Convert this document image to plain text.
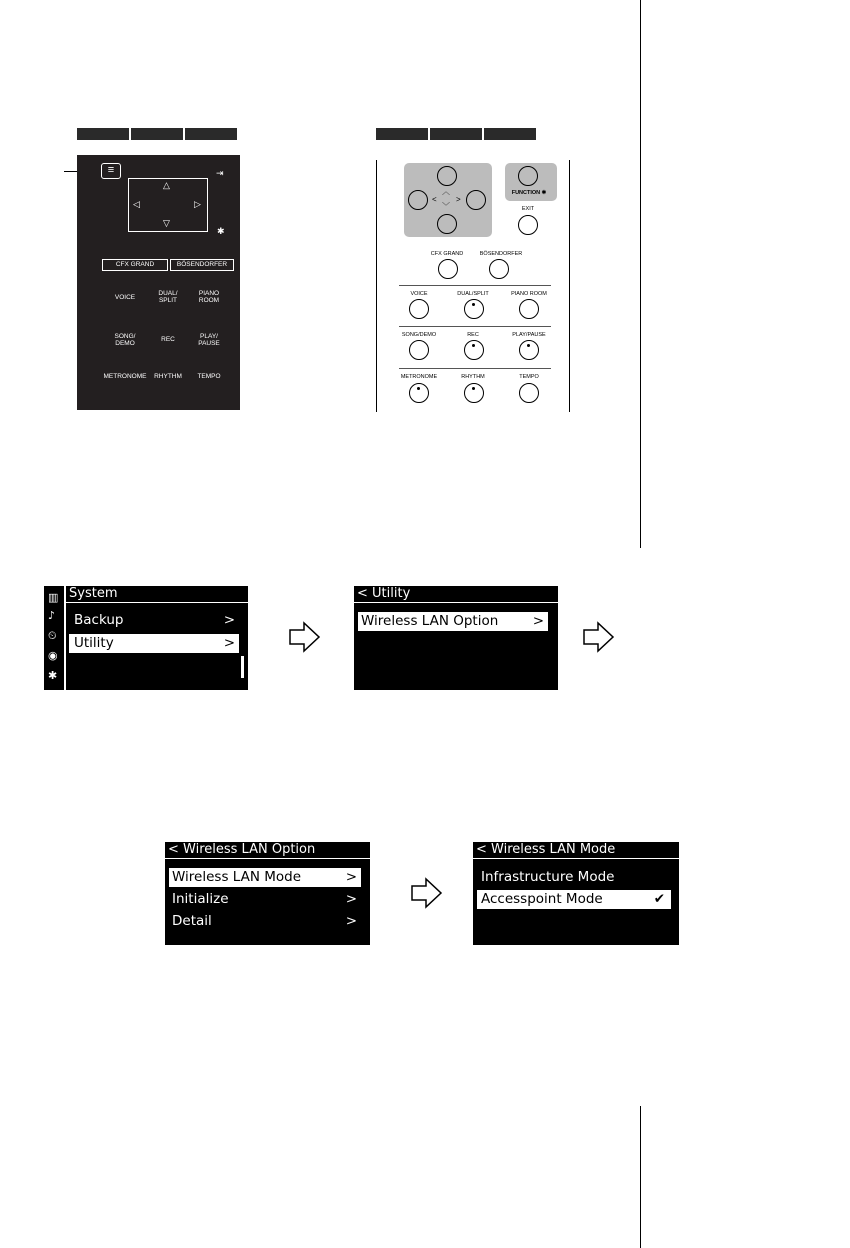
≡
△
▽
◁	▷
⇥
✱
CFX GRAND	BÖSENDORFER
VOICE
DUAL/
SPLIT
PIANO
ROOM
SONG/
DEMO
REC	PLAY/
PAUSE
METRONOME	RHYTHM	TEMPO
< >
︿
﹀
FUNCTION ✱
EXIT
CFX GRAND	BÖSENDORFER
VOICE	DUAL/SPLIT	PIANO ROOM
SONG/DEMO	REC	PLAY/PAUSE
METRONOME	RHYTHM	TEMPO
▥
♪
⏲
◉
✱
System
Backup	>
Utility	>
< Utility
Wireless LAN Option	>
< Wireless LAN Option
Wireless LAN Mode	>
Initialize	>
Detail	>
< Wireless LAN Mode
Infrastructure Mode
Accesspoint Mode	✔
